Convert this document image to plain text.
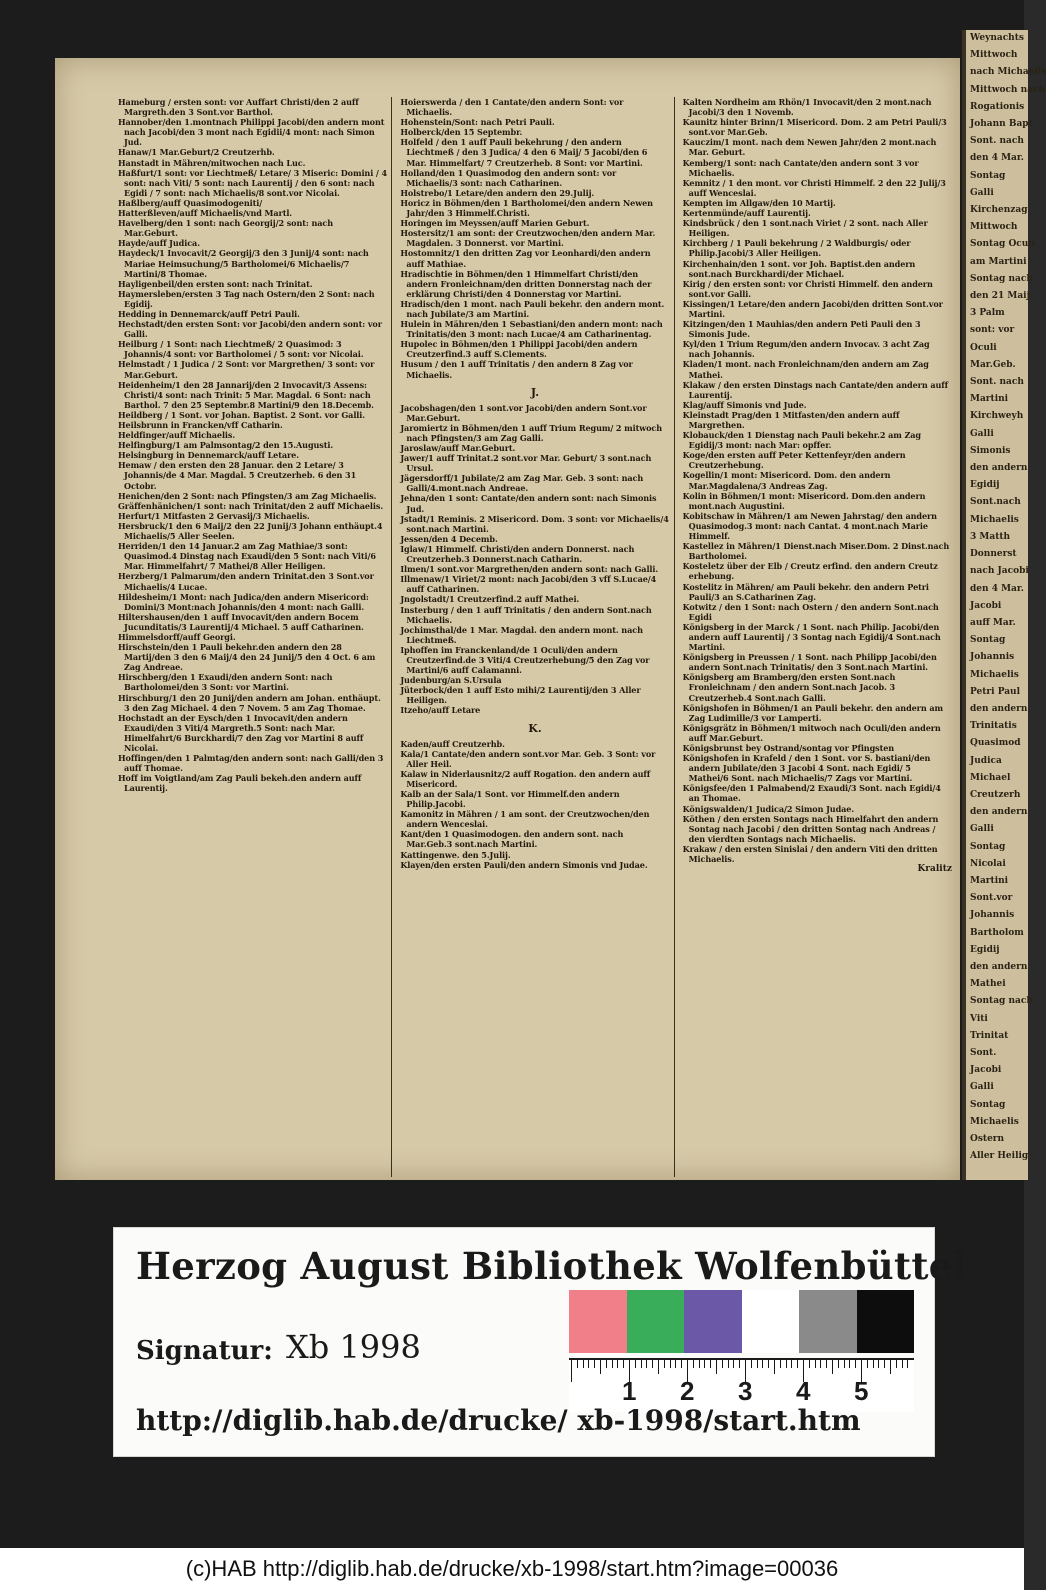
Weynachts
Mittwoch
nach Michaelis
Mittwoch nach
Rogationis
Johann Bapt
Sont. nach
den 4 Mar.
Sontag
Galli
Kirchenzag
Mittwoch
Sontag Oculi
am Martini
Sontag nach
den 21 Maij
3 Palm
sont: vor
Oculi
Mar.Geb.
Sont. nach
Martini
Kirchweyh
Galli
Simonis
den andern
Egidij
Sont.nach
Michaelis
3 Matth
Donnerst
nach Jacobi
den 4 Mar.
Jacobi
auff Mar.
Sontag
Johannis
Michaelis
Petri Paul
den andern
Trinitatis
Quasimod
Judica
Michael
Creutzerh
den andern
Galli
Sontag
Nicolai
Martini
Sont.vor
Johannis
Bartholom
Egidij
den andern
Mathei
Sontag nach
Viti
Trinitat
Sont.
Jacobi
Galli
Sontag
Michaelis
Ostern
Aller Heilig

Hameburg / ersten sont: vor Auffart Christi/den 2 auff Margreth.den 3 Sont.vor Barthol.

Hannober/den 1.montnach Philippi Jacobi/den andern mont nach Jacobi/den 3 mont nach Egidii/4 mont: nach Simon Jud.

Hanaw/1 Mar.Geburt/2 Creutzerhb.

Hanstadt in Mähren/mitwochen nach Luc.

Haßfurt/1 sont: vor Liechtmeß/ Letare/ 3 Miseric: Domini / 4 sont: nach Viti/ 5 sont: nach Laurentij / den 6 sont: nach Egidi / 7 sont: nach Michaelis/8 sont.vor Nicolai.

Haßlberg/auff Quasimodogeniti/

Hatterßleven/auff Michaelis/vnd Martl.

Havelberg/den 1 sont: nach Georgij/2 sont: nach Mar.Geburt.

Hayde/auff Judica.

Haydeck/1 Invocavit/2 Georgij/3 den 3 Junij/4 sont: nach Mariae Heimsuchung/5 Bartholomei/6 Michaelis/7 Martini/8 Thomae.

Hayligenbeil/den ersten sont: nach Trinitat.

Haymersleben/ersten 3 Tag nach Ostern/den 2 Sont: nach Egidij.

Hedding in Dennemarck/auff Petri Pauli.

Hechstadt/den ersten Sont: vor Jacobi/den andern sont: vor Galli.

Heilburg / 1 Sont: nach Liechtmeß/ 2 Quasimod: 3 Johannis/4 sont: vor Bartholomei / 5 sont: vor Nicolai.

Helmstadt / 1 Judica / 2 Sont: vor Margrethen/ 3 sont: vor Mar.Geburt.

Heidenheim/1 den 28 Jannarij/den 2 Invocavit/3 Assens: Christi/4 sont: nach Trinit: 5 Mar. Magdal. 6 Sont: nach Barthol. 7 den 25 Septembr.8 Martini/9 den 18.Decemb.

Heildberg / 1 Sont. vor Johan. Baptist. 2 Sont. vor Galli.

Heilsbrunn in Francken/vff Catharin.

Heldfinger/auff Michaelis.

Helfingburg/1 am Palmsontag/2 den 15.Augusti.

Helsingburg in Dennemarck/auff Letare.

Hemaw / den ersten den 28 Januar. den 2 Letare/ 3 Johannis/de 4 Mar. Magdal. 5 Creutzerheb. 6 den 31 Octobr.

Henichen/den 2 Sont: nach Pfingsten/3 am Zag Michaelis.

Gräffenhänichen/1 sont: nach Trinitat/den 2 auff Michaelis.

Herfurt/1 Mitfasten 2 Gervasij/3 Michaelis.

Hersbruck/1 den 6 Maij/2 den 22 Junij/3 Johann enthäupt.4 Michaelis/5 Aller Seelen.

Herriden/1 den 14 Januar.2 am Zag Mathiae/3 sont: Quasimod.4 Dinstag nach Exaudi/den 5 Sont: nach Viti/6 Mar. Himmelfahrt/ 7 Mathei/8 Aller Heiligen.

Herzberg/1 Palmarum/den andern Trinitat.den 3 Sont.vor Michaelis/4 Lucae.

Hildesheim/1 Mont: nach Judica/den andern Misericord: Domini/3 Mont:nach Johannis/den 4 mont: nach Galli.

Hiltershausen/den 1 auff Invocavit/den andern Bocem Jucunditatis/3 Laurentij/4 Michael. 5 auff Catharinen.

Himmelsdorff/auff Georgi.

Hirschstein/den 1 Pauli bekehr.den andern den 28 Martij/den 3 den 6 Maij/4 den 24 Junij/5 den 4 Oct. 6 am Zag Andreae.

Hirschberg/den 1 Exaudi/den andern Sont: nach Bartholomei/den 3 Sont: vor Martini.

Hirschburg/1 den 20 Junij/den andern am Johan. enthäupt. 3 den Zag Michael. 4 den 7 Novem. 5 am Zag Thomae.

Hochstadt an der Eysch/den 1 Invocavit/den andern Exaudi/den 3 Viti/4 Margreth.5 Sont: nach Mar. Himelfahrt/6 Burckhardi/7 den Zag vor Martini 8 auff Nicolai.

Hoffingen/den 1 Palmtag/den andern sont: nach Galli/den 3 auff Thomae.

Hoff im Voigtland/am Zag Pauli bekeh.den andern auff Laurentij.

Hoierswerda / den 1 Cantate/den andern Sont: vor Michaelis.

Hohenstein/Sont: nach Petri Pauli.

Holberck/den 15 Septembr.

Holfeld / den 1 auff Pauli bekehrung / den andern Liechtmeß / den 3 Judica/ 4 den 6 Maij/ 5 Jacobi/den 6 Mar. Himmelfart/ 7 Creutzerheb. 8 Sont: vor Martini.

Holland/den 1 Quasimodog den andern sont: vor Michaelis/3 sont: nach Catharinen.

Holstrebo/1 Letare/den andern den 29.Julij.

Horicz in Böhmen/den 1 Bartholomei/den andern Newen Jahr/den 3 Himmelf.Christi.

Horingen im Meyssen/auff Marien Geburt.

Hostersitz/1 am sont: der Creutzwochen/den andern Mar. Magdalen. 3 Donnerst. vor Martini.

Hostomnitz/1 den dritten Zag vor Leonhardi/den andern auff Mathiae.

Hradischtie in Böhmen/den 1 Himmelfart Christi/den andern Fronleichnam/den dritten Donnerstag nach der erklärung Christi/den 4 Donnerstag vor Martini.

Hradisch/den 1 mont. nach Pauli bekehr. den andern mont. nach Jubilate/3 am Martini.

Hulein in Mähren/den 1 Sebastiani/den andern mont: nach Trinitatis/den 3 mont: nach Lucae/4 am Catharinentag.

Hupolec in Böhmen/den 1 Philippi Jacobi/den andern Creutzerfind.3 auff S.Clements.

Husum / den 1 auff Trinitatis / den andern 8 Zag vor Michaelis.

J.

Jacobshagen/den 1 sont.vor Jacobi/den andern Sont.vor Mar.Geburt.

Jaromiertz in Böhmen/den 1 auff Trium Regum/ 2 mitwoch nach Pfingsten/3 am Zag Galli.

Jaroslaw/auff Mar.Geburt.

Jawer/1 auff Trinitat.2 sont.vor Mar. Geburt/ 3 sont.nach Ursul.

Jägersdorff/1 Jubilate/2 am Zag Mar. Geb. 3 sont: nach Galli/4.mont.nach Andreae.

Jehna/den 1 sont: Cantate/den andern sont: nach Simonis Jud.

Jstadt/1 Reminis. 2 Misericord. Dom. 3 sont: vor Michaelis/4 sont.nach Martini.

Jessen/den 4 Decemb.

Iglaw/1 Himmelf. Christi/den andern Donnerst. nach Creutzerheb.3 Donnerst.nach Catharin.

Ilmen/1 sont.vor Margrethen/den andern sont: nach Galli.

Illmenaw/1 Viriet/2 mont: nach Jacobi/den 3 vff S.Lucae/4 auff Catharinen.

Jngolstadt/1 Creutzerfind.2 auff Mathei.

Insterburg / den 1 auff Trinitatis / den andern Sont.nach Michaelis.

Jochimsthal/de 1 Mar. Magdal. den andern mont. nach Liechtmeß.

Iphoffen im Franckenland/de 1 Oculi/den andern Creutzerfind.de 3 Viti/4 Creutzerhebung/5 den Zag vor Martini/6 auff Calamanni.

Judenburg/an S.Ursula

Jüterbock/den 1 auff Esto mihi/2 Laurentij/den 3 Aller Heiligen.

Itzeho/auff Letare

K.

Kaden/auff Creutzerhb.

Kala/1 Cantate/den andern sont.vor Mar. Geb. 3 Sont: vor Aller Heil.

Kalaw in Niderlausnitz/2 auff Rogation. den andern auff Misericord.

Kalb an der Sala/1 Sont. vor Himmelf.den andern Philip.Jacobi.

Kamonitz in Mähren / 1 am sont. der Creutzwochen/den andern Wenceslai.

Kant/den 1 Quasimodogen. den andern sont. nach Mar.Geb.3 sont.nach Martini.

Kattingenwe. den 5.Julij.

Klayen/den ersten Pauli/den andern Simonis vnd Judae.

Kalten Nordheim am Rhön/1 Invocavit/den 2 mont.nach Jacobi/3 den 1 Novemb.

Kaunitz hinter Brinn/1 Misericord. Dom. 2 am Petri Pauli/3 sont.vor Mar.Geb.

Kauczim/1 mont. nach dem Newen Jahr/den 2 mont.nach Mar. Geburt.

Kemberg/1 sont: nach Cantate/den andern sont 3 vor Michaelis.

Kemnitz / 1 den mont. vor Christi Himmelf. 2 den 22 Julij/3 auff Wenceslai.

Kempten im Allgaw/den 10 Martij.

Kertenmünde/auff Laurentij.

Kindsbrück / den 1 sont.nach Viriet / 2 sont. nach Aller Heiligen.

Kirchberg / 1 Pauli bekehrung / 2 Waldburgis/ oder Philip.Jacobi/3 Aller Heiligen.

Kirchenhain/den 1 sont. vor Joh. Baptist.den andern sont.nach Burckhardi/der Michael.

Kirig / den ersten sont: vor Christi Himmelf. den andern sont.vor Galli.

Kissingen/1 Letare/den andern Jacobi/den dritten Sont.vor Martini.

Kitzingen/den 1 Mauhias/den andern Peti Pauli den 3 Simonis Jude.

Kyl/den 1 Trium Regum/den andern Invocav. 3 acht Zag nach Johannis.

Kladen/1 mont. nach Fronleichnam/den andern am Zag Mathei.

Klakaw / den ersten Dinstags nach Cantate/den andern auff Laurentij.

Klag/auff Simonis vnd Jude.

Kleinstadt Prag/den 1 Mitfasten/den andern auff Margrethen.

Klobauck/den 1 Dienstag nach Pauli bekehr.2 am Zag Egidij/3 mont: nach Mar: opffer.

Koge/den ersten auff Peter Kettenfeyr/den andern Creutzerhebung.

Kogellin/1 mont: Misericord. Dom. den andern Mar.Magdalena/3 Andreas Zag.

Kolin in Böhmen/1 mont: Misericord. Dom.den andern mont.nach Augustini.

Kobitschaw in Mähren/1 am Newen Jahrstag/ den andern Quasimodog.3 mont: nach Cantat. 4 mont.nach Marie Himmelf.

Kastellez in Mähren/1 Dienst.nach Miser.Dom. 2 Dinst.nach Bartholomei.

Kosteletz über der Elb / Creutz erfind. den andern Creutz erhebung.

Kostelitz in Mähren/ am Pauli bekehr. den andern Petri Pauli/3 an S.Catharinen Zag.

Kotwitz / den 1 Sont: nach Ostern / den andern Sont.nach Egidi

Königsberg in der Marck / 1 Sont. nach Philip. Jacobi/den andern auff Laurentij / 3 Sontag nach Egidij/4 Sont.nach Martini.

Königsberg in Preussen / 1 Sont. nach Philipp Jacobi/den andern Sont.nach Trinitatis/ den 3 Sont.nach Martini.

Königsberg am Bramberg/den ersten Sont.nach Fronleichnam / den andern Sont.nach Jacob. 3 Creutzerheb.4 Sont.nach Galli.

Königshofen in Böhmen/1 an Pauli bekehr. den andern am Zag Ludimille/3 vor Lamperti.

Königsgrätz in Böhmen/1 mitwoch nach Oculi/den andern auff Mar.Geburt.

Königsbrunst bey Ostrand/sontag vor Pfingsten

Königshofen in Krafeld / den 1 Sont. vor S. bastiani/den andern Jubilate/den 3 Jacobi 4 Sont. nach Egidi/ 5 Mathei/6 Sont. nach Michaelis/7 Zags vor Martini.

Königsfee/den 1 Palmabend/2 Exaudi/3 Sont. nach Egidi/4 an Thomae.

Königswalden/1 Judica/2 Simon Judae.

Köthen / den ersten Sontags nach Himelfahrt den andern Sontag nach Jacobi / den dritten Sontag nach Andreas / den vierdten Sontags nach Michaelis.

Krakaw / den ersten Sinislai / den andern Viti den dritten Michaelis.

Kralitz
Herzog August Bibliothek Wolfenbüttel
Signatur: Xb 1998
1 2 3 4 5
http://diglib.hab.de/drucke/ xb-1998/start.htm
(c)HAB http://diglib.hab.de/drucke/xb-1998/start.htm?image=00036
